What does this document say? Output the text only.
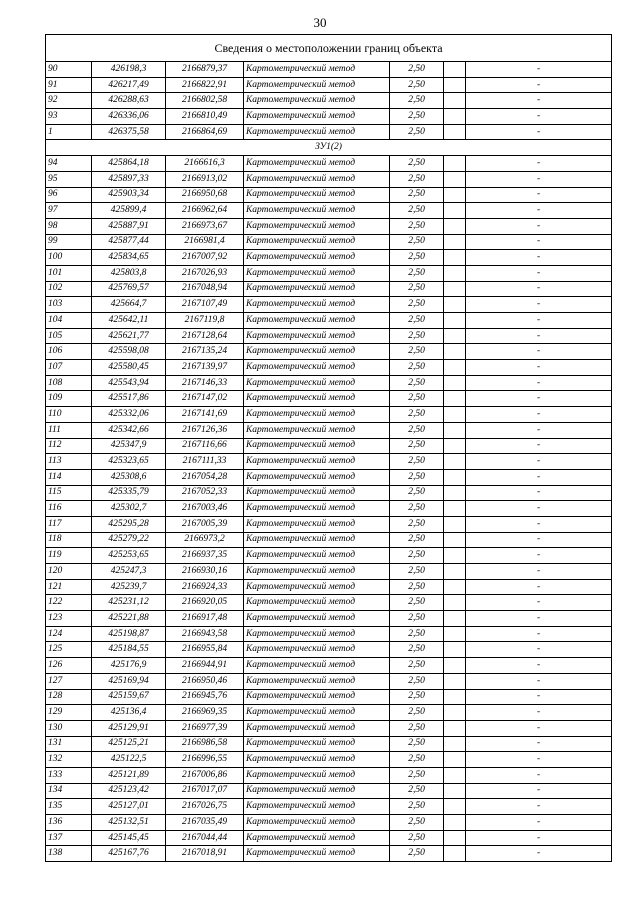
30
Сведения о местоположении границ объекта						
90	426198,3	2166879,37	Картометрический метод	2,50		-
91	426217,49	2166822,91	Картометрический метод	2,50		-
92	426288,63	2166802,58	Картометрический метод	2,50		-
93	426336,06	2166810,49	Картометрический метод	2,50		-
1	426375,58	2166864,69	Картометрический метод	2,50		-
ЗУ1(2)						
94	425864,18	2166616,3	Картометрический метод	2,50		-
95	425897,33	2166913,02	Картометрический метод	2,50		-
96	425903,34	2166950,68	Картометрический метод	2,50		-
97	425899,4	2166962,64	Картометрический метод	2,50		-
98	425887,91	2166973,67	Картометрический метод	2,50		-
99	425877,44	2166981,4	Картометрический метод	2,50		-
100	425834,65	2167007,92	Картометрический метод	2,50		-
101	425803,8	2167026,93	Картометрический метод	2,50		-
102	425769,57	2167048,94	Картометрический метод	2,50		-
103	425664,7	2167107,49	Картометрический метод	2,50		-
104	425642,11	2167119,8	Картометрический метод	2,50		-
105	425621,77	2167128,64	Картометрический метод	2,50		-
106	425598,08	2167135,24	Картометрический метод	2,50		-
107	425580,45	2167139,97	Картометрический метод	2,50		-
108	425543,94	2167146,33	Картометрический метод	2,50		-
109	425517,86	2167147,02	Картометрический метод	2,50		-
110	425332,06	2167141,69	Картометрический метод	2,50		-
111	425342,66	2167126,36	Картометрический метод	2,50		-
112	425347,9	2167116,66	Картометрический метод	2,50		-
113	425323,65	2167111,33	Картометрический метод	2,50		-
114	425308,6	2167054,28	Картометрический метод	2,50		-
115	425335,79	2167052,33	Картометрический метод	2,50		-
116	425302,7	2167003,46	Картометрический метод	2,50		-
117	425295,28	2167005,39	Картометрический метод	2,50		-
118	425279,22	2166973,2	Картометрический метод	2,50		-
119	425253,65	2166937,35	Картометрический метод	2,50		-
120	425247,3	2166930,16	Картометрический метод	2,50		-
121	425239,7	2166924,33	Картометрический метод	2,50		-
122	425231,12	2166920,05	Картометрический метод	2,50		-
123	425221,88	2166917,48	Картометрический метод	2,50		-
124	425198,87	2166943,58	Картометрический метод	2,50		-
125	425184,55	2166955,84	Картометрический метод	2,50		-
126	425176,9	2166944,91	Картометрический метод	2,50		-
127	425169,94	2166950,46	Картометрический метод	2,50		-
128	425159,67	2166945,76	Картометрический метод	2,50		-
129	425136,4	2166969,35	Картометрический метод	2,50		-
130	425129,91	2166977,39	Картометрический метод	2,50		-
131	425125,21	2166986,58	Картометрический метод	2,50		-
132	425122,5	2166996,55	Картометрический метод	2,50		-
133	425121,89	2167006,86	Картометрический метод	2,50		-
134	425123,42	2167017,07	Картометрический метод	2,50		-
135	425127,01	2167026,75	Картометрический метод	2,50		-
136	425132,51	2167035,49	Картометрический метод	2,50		-
137	425145,45	2167044,44	Картометрический метод	2,50		-
138	425167,76	2167018,91	Картометрический метод	2,50		-
